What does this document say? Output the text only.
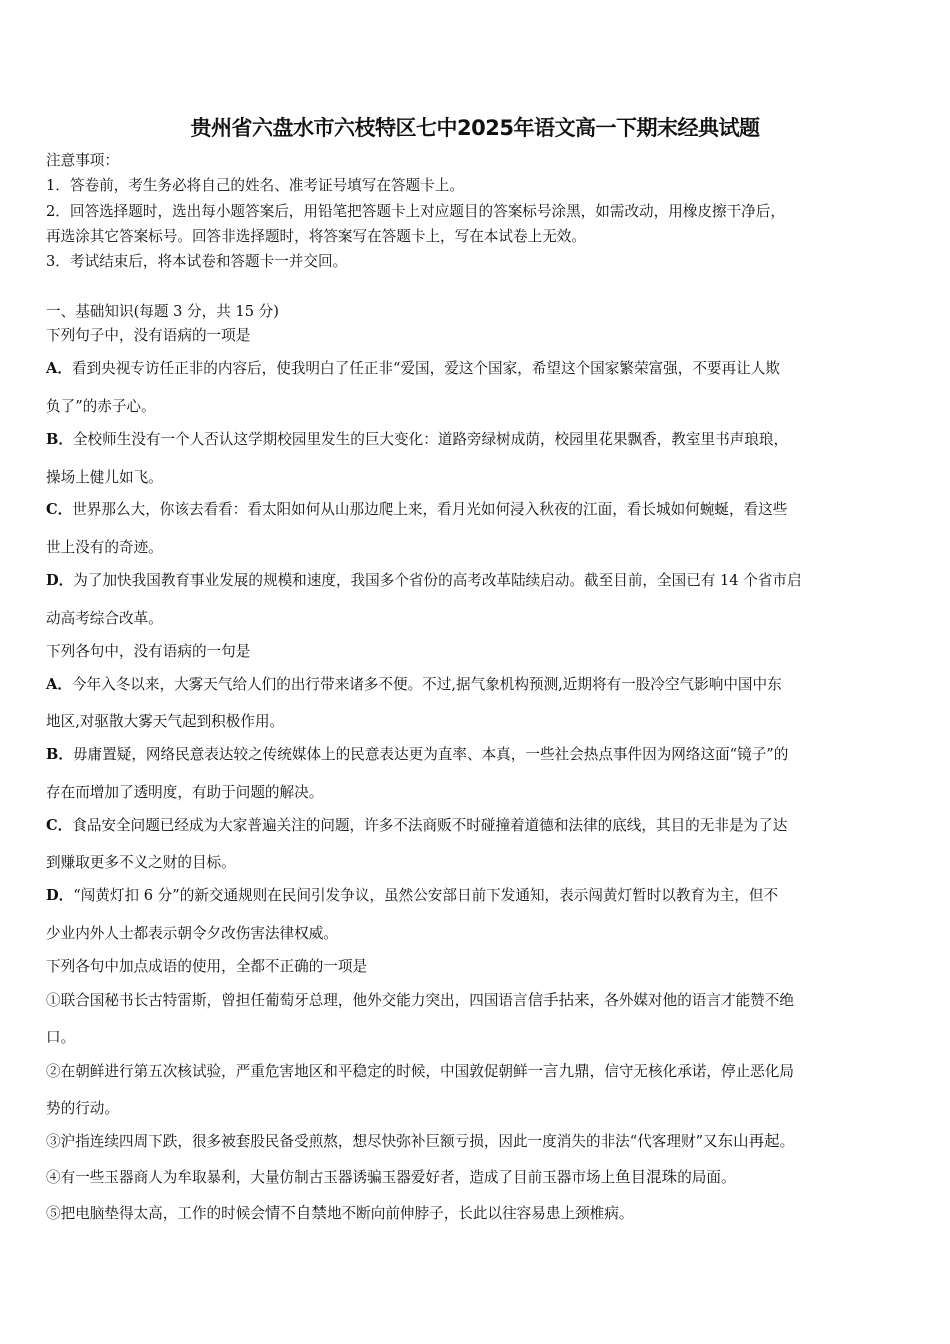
贵州省六盘水市六枝特区七中2025年语文高一下期末经典试题
注意事项：
1．答卷前，考生务必将自己的姓名、准考证号填写在答题卡上。
2．回答选择题时，选出每小题答案后，用铅笔把答题卡上对应题目的答案标号涂黑，如需改动，用橡皮擦干净后，
再选涂其它答案标号。回答非选择题时，将答案写在答题卡上，写在本试卷上无效。
3．考试结束后，将本试卷和答题卡一并交回。
一、基础知识(每题 3 分，共 15 分)
下列句子中，没有语病的一项是
A．看到央视专访任正非的内容后，使我明白了任正非“爱国，爱这个国家，希望这个国家繁荣富强，不要再让人欺
负了”的赤子心。
B．全校师生没有一个人否认这学期校园里发生的巨大变化：道路旁绿树成荫，校园里花果飘香，教室里书声琅琅，
操场上健儿如飞。
C．世界那么大，你该去看看：看太阳如何从山那边爬上来，看月光如何浸入秋夜的江面，看长城如何蜿蜒，看这些
世上没有的奇迹。
D．为了加快我国教育事业发展的规模和速度，我国多个省份的高考改革陆续启动。截至目前，全国已有 14 个省市启
动高考综合改革。
下列各句中，没有语病的一句是
A．今年入冬以来，大雾天气给人们的出行带来诸多不便。不过,据气象机构预测,近期将有一股冷空气影响中国中东
地区,对驱散大雾天气起到积极作用。
B．毋庸置疑，网络民意表达较之传统媒体上的民意表达更为直率、本真，一些社会热点事件因为网络这面“镜子”的
存在而增加了透明度，有助于问题的解决。
C．食品安全问题已经成为大家普遍关注的问题，许多不法商贩不时碰撞着道德和法律的底线，其目的无非是为了达
到赚取更多不义之财的目标。
D．“闯黄灯扣 6 分”的新交通规则在民间引发争议，虽然公安部日前下发通知，表示闯黄灯暂时以教育为主，但不
少业内外人士都表示朝令夕改伤害法律权威。
下列各句中加点成语的使用，全都不正确的一项是
①联合国秘书长古特雷斯，曾担任葡萄牙总理，他外交能力突出，四国语言信手拈来，各外媒对他的语言才能赞不绝
口。
②在朝鲜进行第五次核试验，严重危害地区和平稳定的时候，中国敦促朝鲜一言九鼎，信守无核化承诺，停止恶化局
势的行动。
③沪指连续四周下跌，很多被套股民备受煎熬，想尽快弥补巨额亏损，因此一度消失的非法“代客理财”又东山再起。
④有一些玉器商人为牟取暴利，大量仿制古玉器诱骗玉器爱好者，造成了目前玉器市场上鱼目混珠的局面。
⑤把电脑垫得太高，工作的时候会情不自禁地不断向前伸脖子，长此以往容易患上颈椎病。
